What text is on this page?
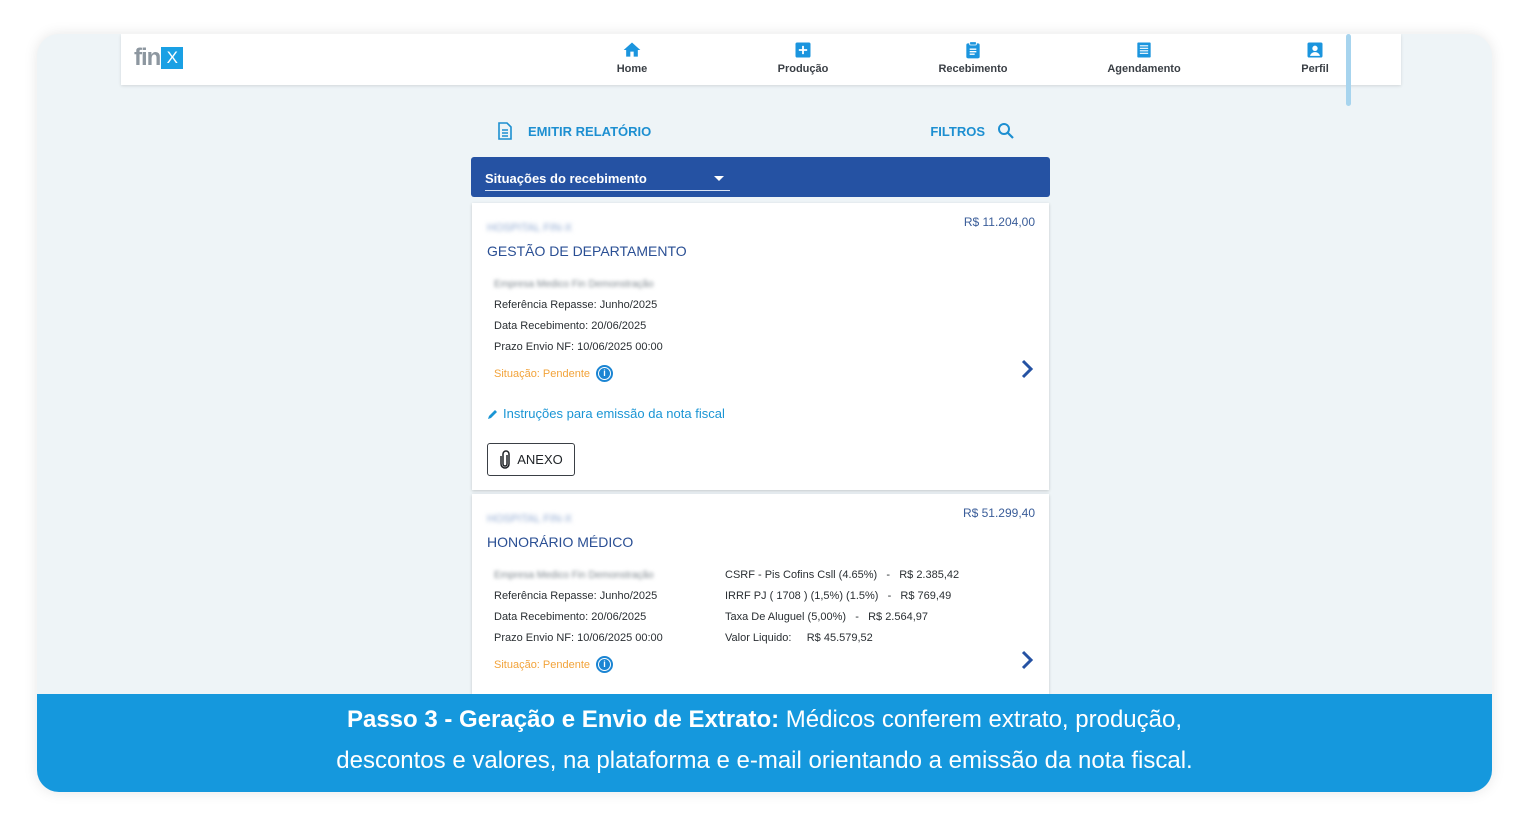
fin X
Home	Produção	Recebimento	Agendamento	Perfil
EMITIR RELATÓRIO	FILTROS
Situações do recebimento
HOSPITAL FIN-X	R$ 11.204,00
GESTÃO DE DEPARTAMENTO
Empresa Medico Fin Demonstração
Referência Repasse: Junho/2025
Data Recebimento: 20/06/2025
Prazo Envio NF: 10/06/2025 00:00
Situação: Pendente	i
Instruções para emissão da nota fiscal
ANEXO
HOSPITAL FIN-X	R$ 51.299,40
HONORÁRIO MÉDICO
Empresa Medico Fin Demonstração
Referência Repasse: Junho/2025
Data Recebimento: 20/06/2025
Prazo Envio NF: 10/06/2025 00:00
Situação: Pendente	i
CSRF - Pis Cofins Csll (4.65%)   -   R$ 2.385,42
IRRF PJ ( 1708 ) (1,5%) (1.5%)   -   R$ 769,49
Taxa De Aluguel (5,00%)   -   R$ 2.564,97
Valor Liquido:     R$ 45.579,52
Passo 3 - Geração e Envio de Extrato: Médicos conferem extrato, produção,
descontos e valores, na plataforma e e-mail orientando a emissão da nota fiscal.
